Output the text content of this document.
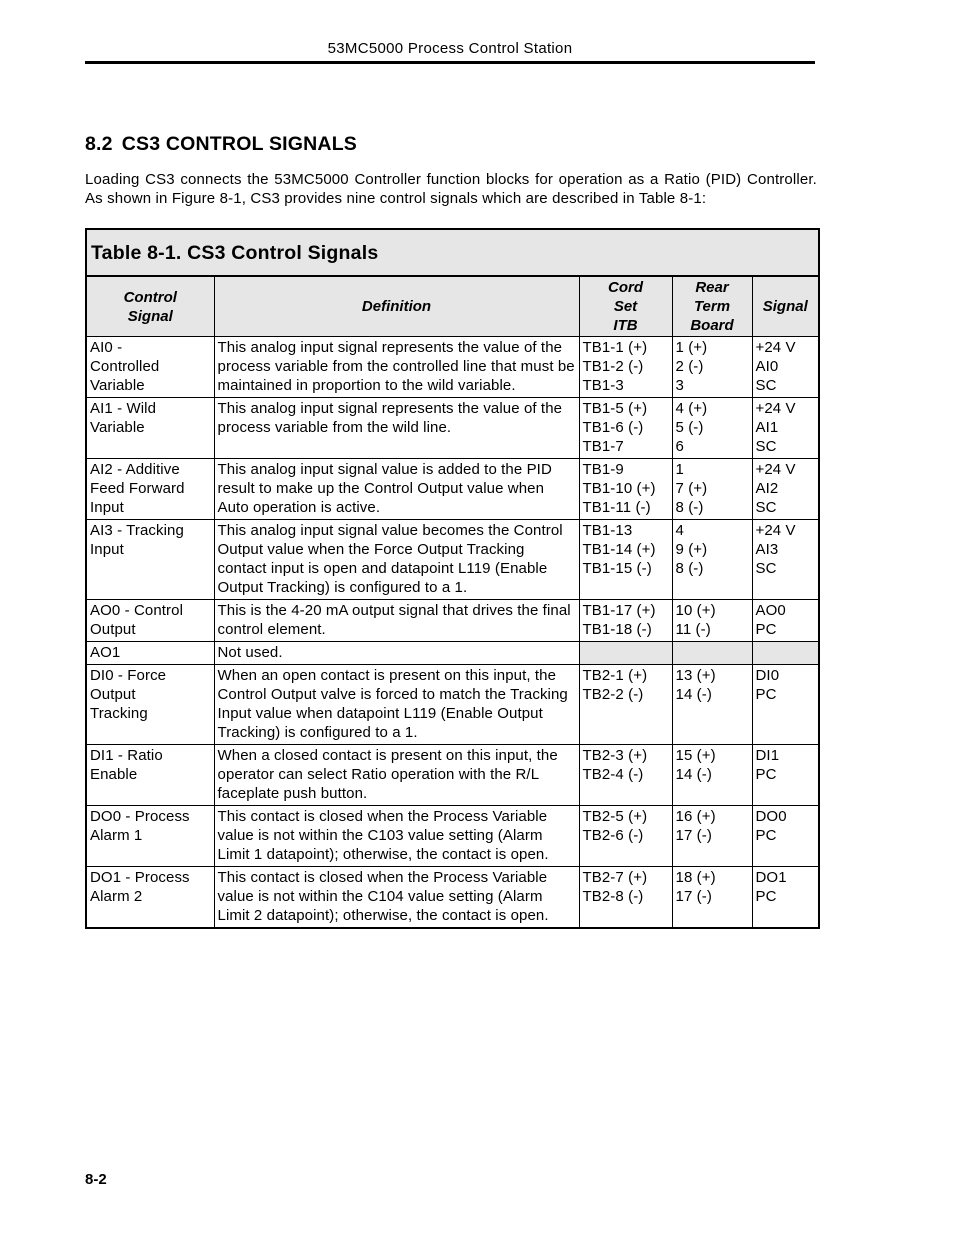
53MC5000 Process Control Station
8.2 CS3 CONTROL SIGNALS

Loading CS3 connects the 53MC5000 Controller function blocks for operation as a Ratio (PID) Controller. As shown in Figure 8-1, CS3 provides nine control signals which are described in Table 8-1:

Table 8-1. CS3 Control Signals
Control
Signal	Definition	Cord
Set
ITB	Rear
Term
Board	Signal

AI0 -
Controlled
Variable	This analog input signal represents the value of the process variable from the controlled line that must be maintained in proportion to the wild variable.	TB1-1 (+)
TB1-2 (-)
TB1-3	1 (+)
2 (-)
3	+24 V
AI0
SC

AI1 - Wild
Variable	This analog input signal represents the value of the process variable from the wild line.	TB1-5 (+)
TB1-6 (-)
TB1-7	4 (+)
5 (-)
6	+24 V
AI1
SC

AI2 - Additive
Feed Forward
Input	This analog input signal value is added to the PID result to make up the Control Output value when Auto operation is active.	TB1-9
TB1-10 (+)
TB1-11 (-)	1
7 (+)
8 (-)	+24 V
AI2
SC

AI3 - Tracking
Input	This analog input signal value becomes the Control Output value when the Force Output Tracking contact input is open and datapoint L119 (Enable Output Tracking) is configured to a 1.	TB1-13
TB1-14 (+)
TB1-15 (-)	4
9 (+)
8 (-)	+24 V
AI3
SC

AO0 - Control
Output	This is the 4-20 mA output signal that drives the final control element.	TB1-17 (+)
TB1-18 (-)	10 (+)
11 (-)	AO0
PC

AO1	Not used.			

DI0 - Force
Output
Tracking	When an open contact is present on this input, the Control Output valve is forced to match the Tracking Input value when datapoint L119 (Enable Output Tracking) is configured to a 1.	TB2-1 (+)
TB2-2 (-)	13 (+)
14 (-)	DI0
PC

DI1 - Ratio
Enable	When a closed contact is present on this input, the operator can select Ratio operation with the R/L faceplate push button.	TB2-3 (+)
TB2-4 (-)	15 (+)
14 (-)	DI1
PC

DO0 - Process
Alarm 1	This contact is closed when the Process Variable value is not within the C103 value setting (Alarm Limit 1 datapoint); otherwise, the contact is open.	TB2-5 (+)
TB2-6 (-)	16 (+)
17 (-)	DO0
PC

DO1 - Process
Alarm 2	This contact is closed when the Process Variable value is not within the C104 value setting (Alarm Limit 2 datapoint); otherwise, the contact is open.	TB2-7 (+)
TB2-8 (-)	18 (+)
17 (-)	DO1
PC
8-2
